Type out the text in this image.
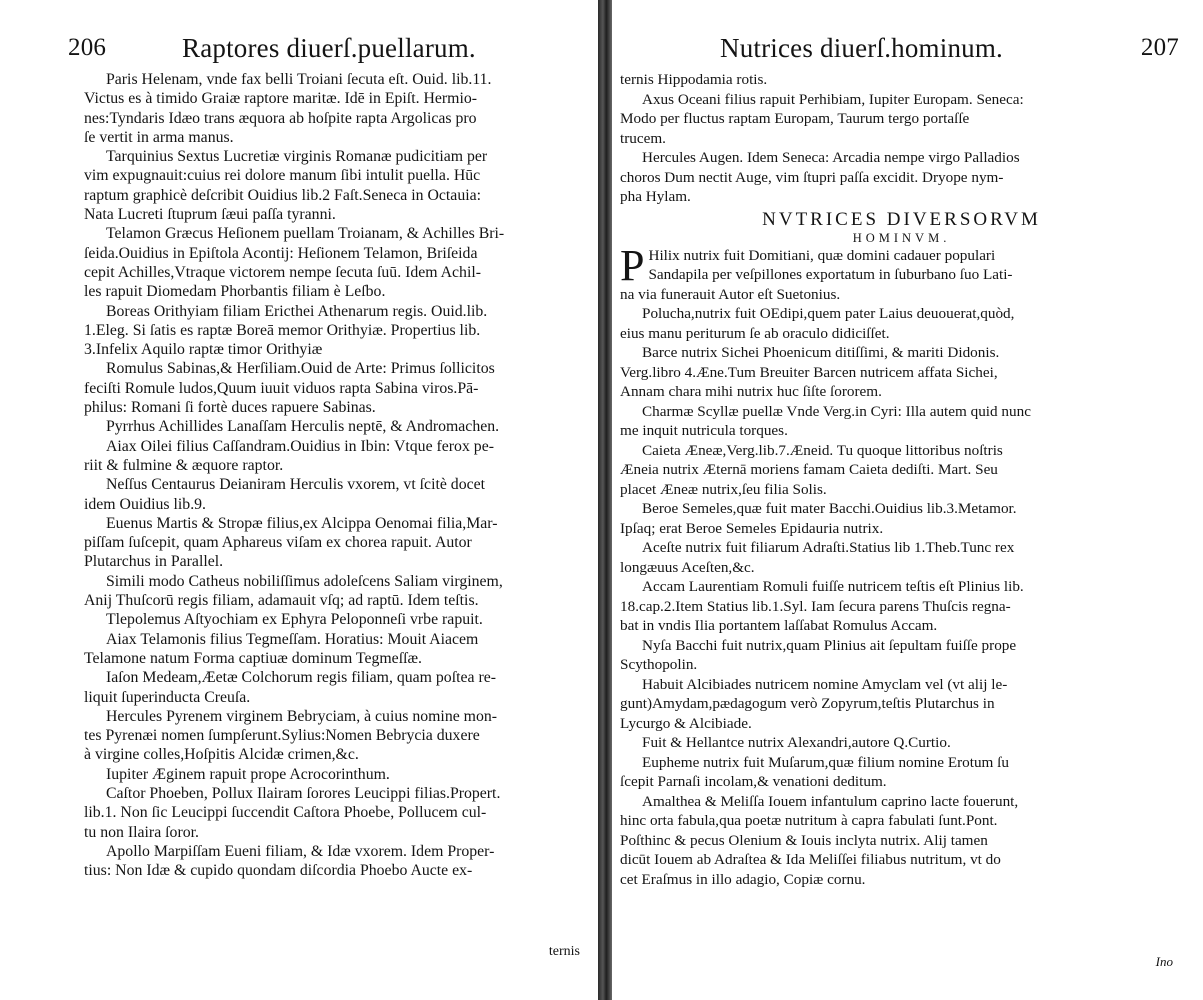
206	Raptores diuerſ.puellarum.
Paris Helenam, vnde fax belli Troiani ſecuta eſt. Ouid. lib.11.
Victus es à timido Graiæ raptore maritæ. Idē in Epiſt. Hermio-
nes:Tyndaris Idæo trans æquora ab hoſpite rapta Argolicas pro
ſe vertit in arma manus.
Tarquinius Sextus Lucretiæ virginis Romanæ pudicitiam per
vim expugnauit:cuius rei dolore manum ſibi intulit puella. Hūc
raptum graphicè deſcribit Ouidius lib.2 Faſt.Seneca in Octauia:
Nata Lucreti ſtuprum ſæui paſſa tyranni.
Telamon Græcus Heſionem puellam Troianam, & Achilles Bri-
ſeida.Ouidius in Epiſtola Acontij: Heſionem Telamon, Briſeida
cepit Achilles,Vtraque victorem nempe ſecuta ſuū. Idem Achil-
les rapuit Diomedam Phorbantis filiam è Leſbo.
Boreas Orithyiam filiam Ericthei Athenarum regis. Ouid.lib.
1.Eleg. Si ſatis es raptæ Boreā memor Orithyiæ. Propertius lib.
3.Infelix Aquilo raptæ timor Orithyiæ
Romulus Sabinas,& Herſiliam.Ouid de Arte: Primus ſollicitos
feciſti Romule ludos,Quum iuuit viduos rapta Sabina viros.Pā-
philus: Romani ſi fortè duces rapuere Sabinas.
Pyrrhus Achillides Lanaſſam Herculis neptē, & Andromachen.
Aiax Oilei filius Caſſandram.Ouidius in Ibin: Vtque ferox pe-
riit & fulmine & æquore raptor.
Neſſus Centaurus Deianiram Herculis vxorem, vt ſcitè docet
idem Ouidius lib.9.
Euenus Martis & Stropæ filius,ex Alcippa Oenomai filia,Mar-
piſſam ſuſcepit, quam Aphareus viſam ex chorea rapuit. Autor
Plutarchus in Parallel.
Simili modo Catheus nobiliſſimus adoleſcens Saliam virginem,
Anij Thuſcorū regis filiam, adamauit vſq; ad raptū. Idem teſtis.
Tlepolemus Aſtyochiam ex Ephyra Peloponneſi vrbe rapuit.
Aiax Telamonis filius Tegmeſſam. Horatius: Mouit Aiacem
Telamone natum Forma captiuæ dominum Tegmeſſæ.
Iaſon Medeam,Æetæ Colchorum regis filiam, quam poſtea re-
liquit ſuperinducta Creuſa.
Hercules Pyrenem virginem Bebryciam, à cuius nomine mon-
tes Pyrenæi nomen ſumpſerunt.Sylius:Nomen Bebrycia duxere
à virgine colles,Hoſpitis Alcidæ crimen,&c.
Iupiter Æginem rapuit prope Acrocorinthum.
Caſtor Phoeben, Pollux Ilairam ſorores Leucippi filias.Propert.
lib.1. Non ſic Leucippi ſuccendit Caſtora Phoebe, Pollucem cul-
tu non Ilaira ſoror.
Apollo Marpiſſam Eueni filiam, & Idæ vxorem. Idem Proper-
tius: Non Idæ & cupido quondam diſcordia Phoebo Aucte ex-
ternis
Nutrices diuerſ.hominum.	207
ternis Hippodamia rotis.
Axus Oceani filius rapuit Perhibiam, Iupiter Europam. Seneca:
Modo per fluctus raptam Europam, Taurum tergo portaſſe
trucem.
Hercules Augen. Idem Seneca: Arcadia nempe virgo Palladios
choros Dum nectit Auge, vim ſtupri paſſa excidit. Dryope nym-
pha Hylam.
NVTRICES DIVERSORVM
HOMINVM.
P Hilix nutrix fuit Domitiani, quæ domini cadauer populari
Sandapila per veſpillones exportatum in ſuburbano ſuo Lati-
na via funerauit Autor eſt Suetonius.
Polucha,nutrix fuit OEdipi,quem pater Laius deuouerat,quòd,
eius manu periturum ſe ab oraculo didiciſſet.
Barce nutrix Sichei Phoenicum ditiſſimi, & mariti Didonis.
Verg.libro 4.Æne.Tum Breuiter Barcen nutricem affata Sichei,
Annam chara mihi nutrix huc ſiſte ſororem.
Charmæ Scyllæ puellæ Vnde Verg.in Cyri: Illa autem quid nunc
me inquit nutricula torques.
Caieta Æneæ,Verg.lib.7.Æneid. Tu quoque littoribus noſtris
Æneia nutrix Æternā moriens famam Caieta dediſti. Mart. Seu
placet Æneæ nutrix,ſeu filia Solis.
Beroe Semeles,quæ fuit mater Bacchi.Ouidius lib.3.Metamor.
Ipſaq; erat Beroe Semeles Epidauria nutrix.
Aceſte nutrix fuit filiarum Adraſti.Statius lib 1.Theb.Tunc rex
longæuus Aceſten,&c.
Accam Laurentiam Romuli fuiſſe nutricem teſtis eſt Plinius lib.
18.cap.2.Item Statius lib.1.Syl. Iam ſecura parens Thuſcis regna-
bat in vndis Ilia portantem laſſabat Romulus Accam.
Nyſa Bacchi fuit nutrix,quam Plinius ait ſepultam fuiſſe prope
Scythopolin.
Habuit Alcibiades nutricem nomine Amyclam vel (vt alij le-
gunt)Amydam,pædagogum verò Zopyrum,teſtis Plutarchus in
Lycurgo & Alcibiade.
Fuit & Hellantce nutrix Alexandri,autore Q.Curtio.
Eupheme nutrix fuit Muſarum,quæ filium nomine Erotum ſu
ſcepit Parnaſi incolam,& venationi deditum.
Amalthea & Meliſſa Iouem infantulum caprino lacte fouerunt,
hinc orta fabula,qua poetæ nutritum à capra fabulati ſunt.Pont.
Poſthinc & pecus Olenium & Iouis inclyta nutrix. Alij tamen
dicūt Iouem ab Adraſtea & Ida Meliſſei filiabus nutritum, vt do
cet Eraſmus in illo adagio, Copiæ cornu.
Ino
